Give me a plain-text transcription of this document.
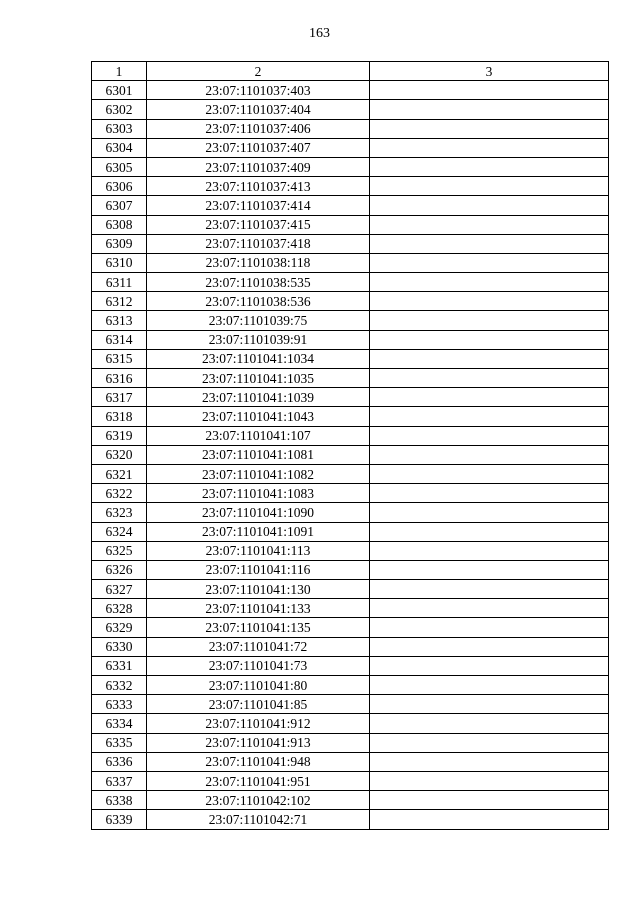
163
1	2	3
6301	23:07:1101037:403	
6302	23:07:1101037:404	
6303	23:07:1101037:406	
6304	23:07:1101037:407	
6305	23:07:1101037:409	
6306	23:07:1101037:413	
6307	23:07:1101037:414	
6308	23:07:1101037:415	
6309	23:07:1101037:418	
6310	23:07:1101038:118	
6311	23:07:1101038:535	
6312	23:07:1101038:536	
6313	23:07:1101039:75	
6314	23:07:1101039:91	
6315	23:07:1101041:1034	
6316	23:07:1101041:1035	
6317	23:07:1101041:1039	
6318	23:07:1101041:1043	
6319	23:07:1101041:107	
6320	23:07:1101041:1081	
6321	23:07:1101041:1082	
6322	23:07:1101041:1083	
6323	23:07:1101041:1090	
6324	23:07:1101041:1091	
6325	23:07:1101041:113	
6326	23:07:1101041:116	
6327	23:07:1101041:130	
6328	23:07:1101041:133	
6329	23:07:1101041:135	
6330	23:07:1101041:72	
6331	23:07:1101041:73	
6332	23:07:1101041:80	
6333	23:07:1101041:85	
6334	23:07:1101041:912	
6335	23:07:1101041:913	
6336	23:07:1101041:948	
6337	23:07:1101041:951	
6338	23:07:1101042:102	
6339	23:07:1101042:71	
